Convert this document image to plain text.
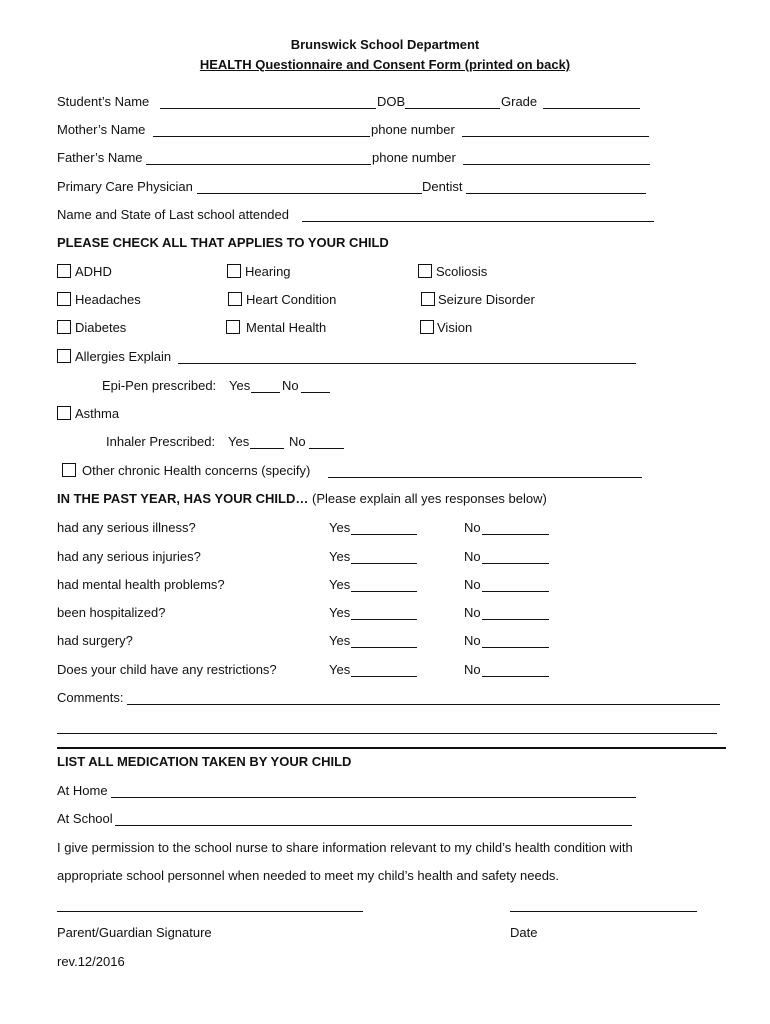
Brunswick School Department
HEALTH Questionnaire and Consent Form (printed on back)
Student’s Name	DOB	Grade
Mother’s Name	phone number
Father’s Name	phone number
Primary Care Physician	Dentist
Name and State of Last school attended
PLEASE CHECK ALL THAT APPLIES TO YOUR CHILD
ADHD	Hearing	Scoliosis
Headaches	Heart Condition	Seizure Disorder
Diabetes	Mental Health	Vision
Allergies Explain
Epi-Pen prescribed: Yes No
Asthma
Inhaler Prescribed: Yes	No
Other chronic Health concerns (specify)
IN THE PAST YEAR, HAS YOUR CHILD… (Please explain all yes responses below)
had any serious illness?	Yes	No
had any serious injuries?	Yes	No
had mental health problems?	Yes	No
been hospitalized?	Yes	No
had surgery?	Yes	No
Does your child have any restrictions?	Yes	No
Comments:
LIST ALL MEDICATION TAKEN BY YOUR CHILD
At Home
At School
I give permission to the school nurse to share information relevant to my child’s health condition with
appropriate school personnel when needed to meet my child’s health and safety needs.
Parent/Guardian Signature	Date
rev.12/2016
